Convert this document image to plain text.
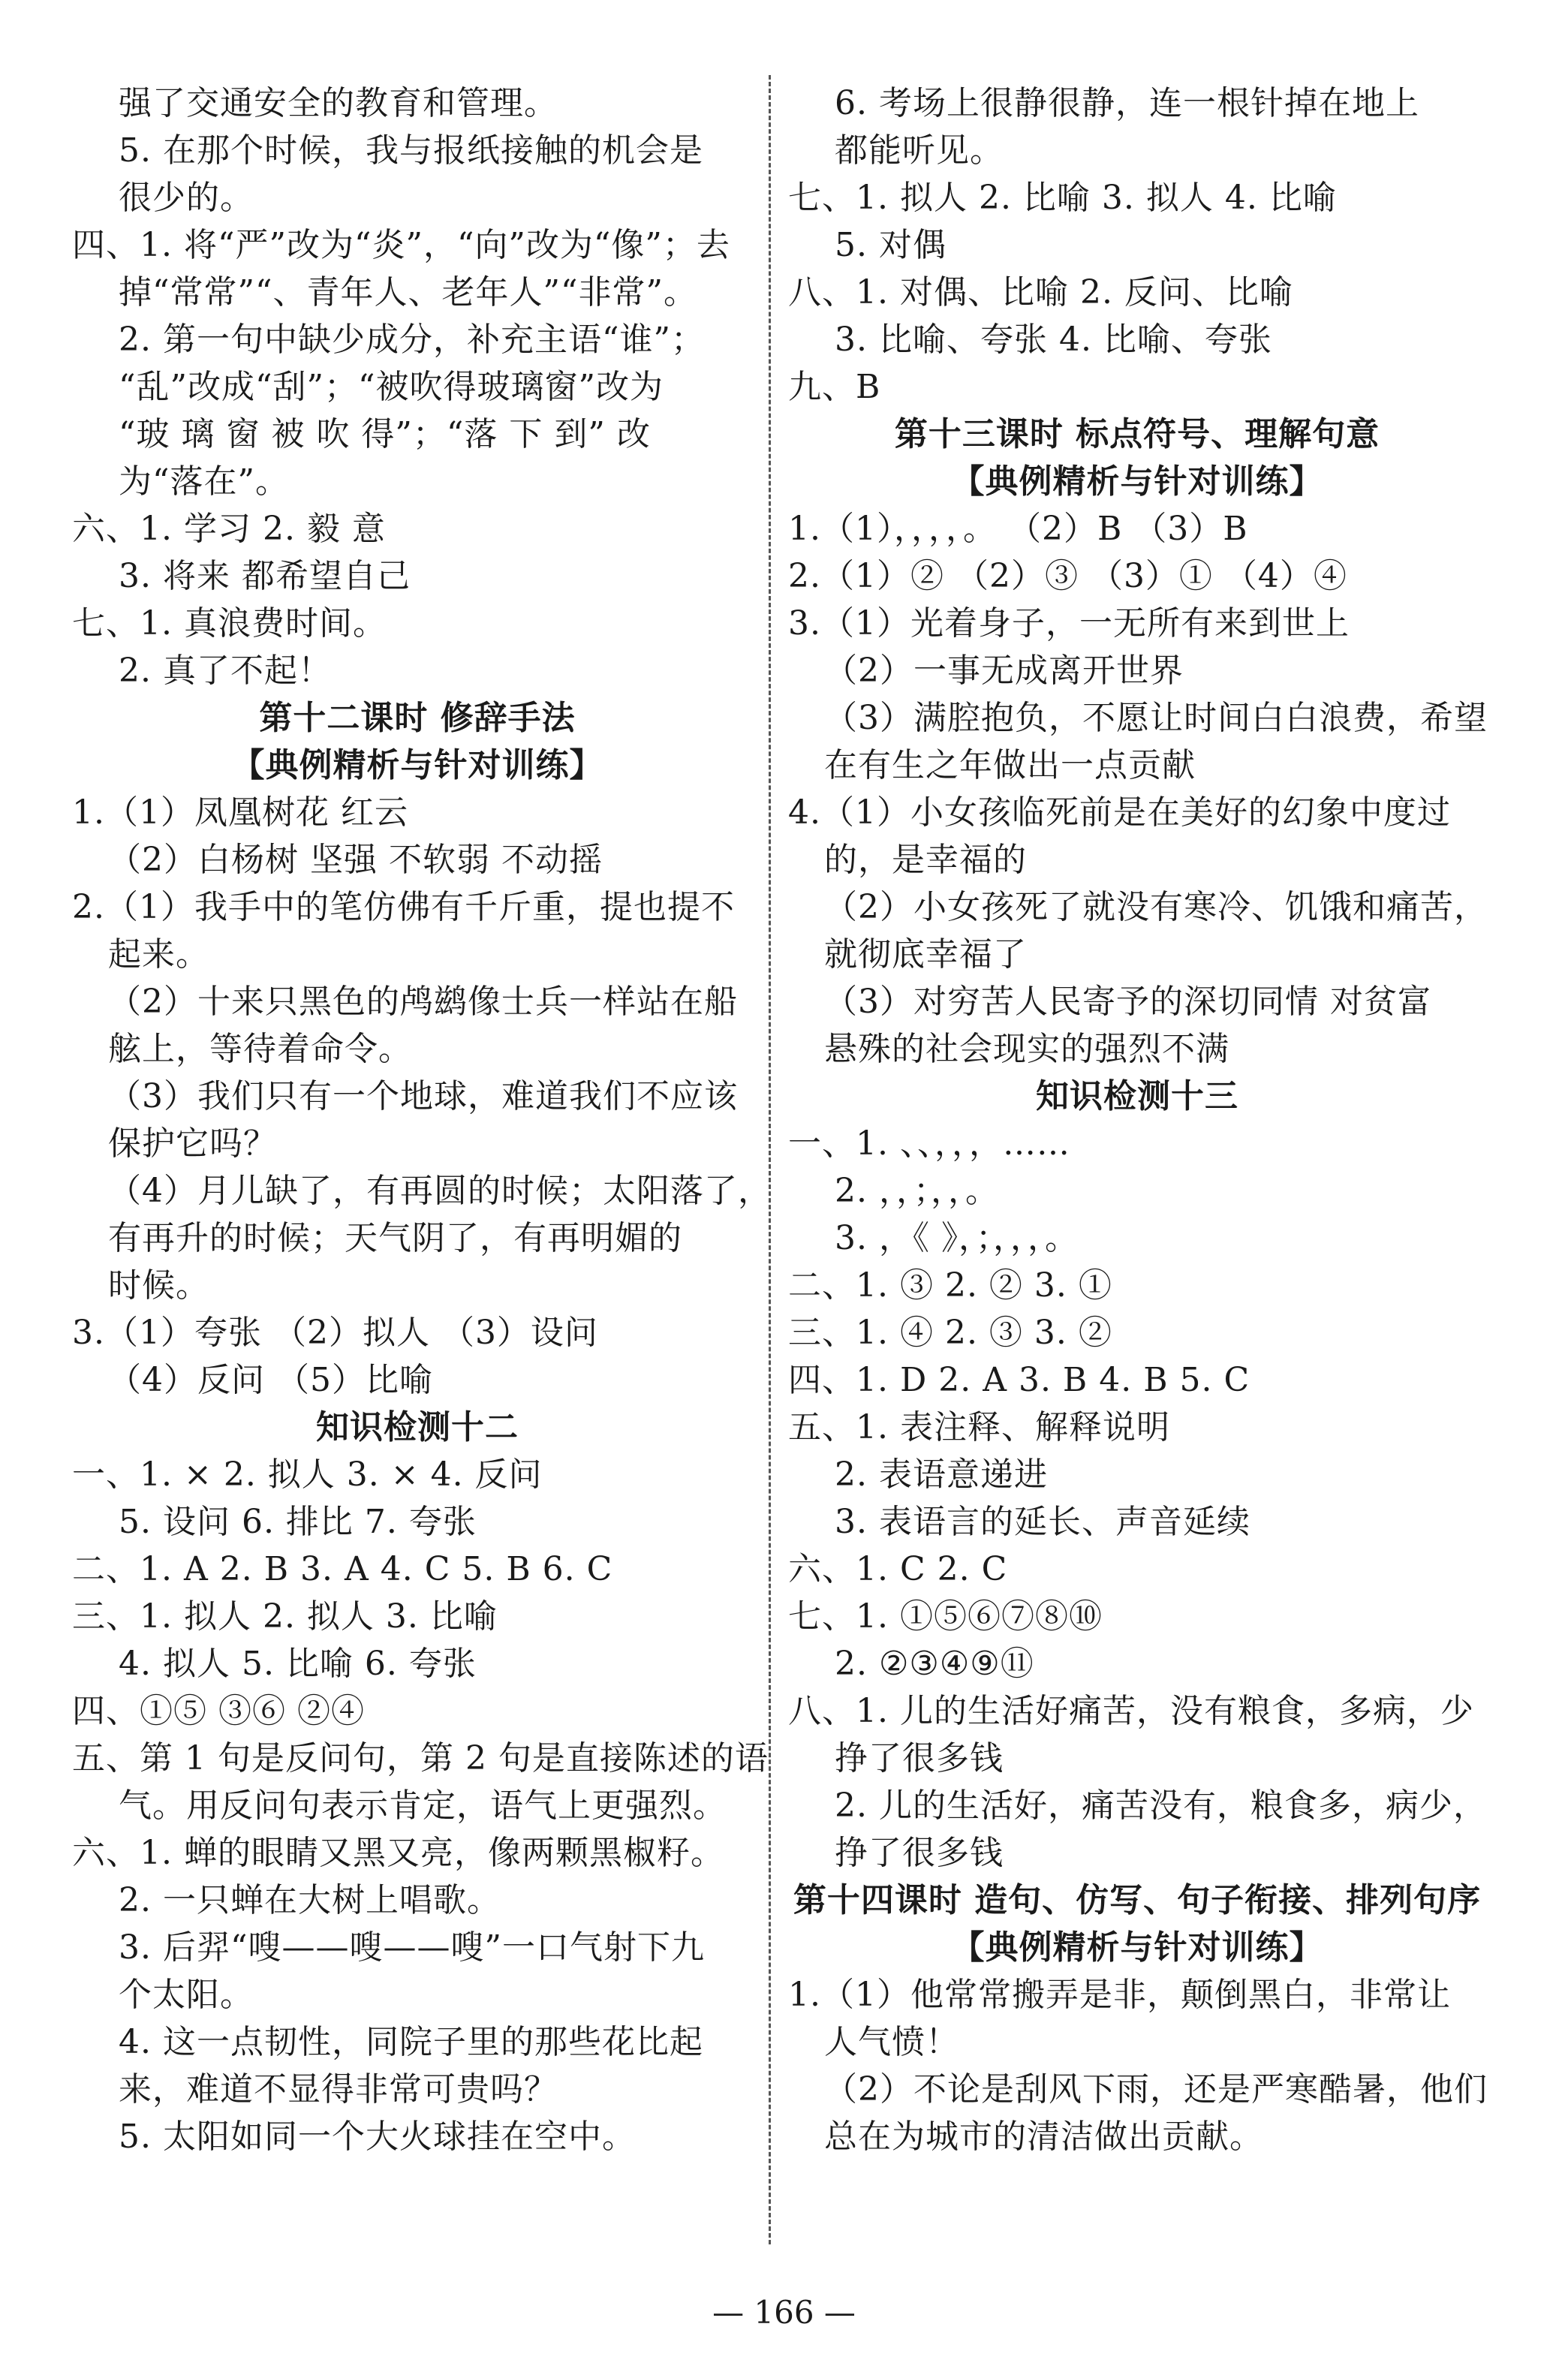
强了交通安全的教育和管理。
5. 在那个时候，我与报纸接触的机会是
很少的。
四、1. 将“严”改为“炎”，“向”改为“像”；去
掉“常常”“、青年人、老年人”“非常”。
2. 第一句中缺少成分，补充主语“谁”；
“乱”改成“刮”；“被吹得玻璃窗”改为
“玻 璃 窗 被 吹 得”；“落 下 到” 改
为“落在”。
六、1. 学习 2. 毅 意
3. 将来 都希望自己
七、1. 真浪费时间。
2. 真了不起！
第十二课时 修辞手法
【典例精析与针对训练】
1.（1）凤凰树花 红云
（2）白杨树 坚强 不软弱 不动摇
2.（1）我手中的笔仿佛有千斤重，提也提不
起来。
（2）十来只黑色的鸬鹚像士兵一样站在船
舷上，等待着命令。
（3）我们只有一个地球，难道我们不应该
保护它吗？
（4）月儿缺了，有再圆的时候；太阳落了，
有再升的时候；天气阴了，有再明媚的
时候。
3.（1）夸张 （2）拟人 （3）设问
（4）反问 （5）比喻
知识检测十二
一、1. × 2. 拟人 3. × 4. 反问
5. 设问 6. 排比 7. 夸张
二、1. A 2. B 3. A 4. C 5. B 6. C
三、1. 拟人 2. 拟人 3. 比喻
4. 拟人 5. 比喻 6. 夸张
四、①⑤ ③⑥ ②④
五、第 1 句是反问句，第 2 句是直接陈述的语
气。用反问句表示肯定，语气上更强烈。
六、1. 蝉的眼睛又黑又亮，像两颗黑椒籽。
2. 一只蝉在大树上唱歌。
3. 后羿“嗖——嗖——嗖”一口气射下九
个太阳。
4. 这一点韧性，同院子里的那些花比起
来，难道不显得非常可贵吗？
5. 太阳如同一个大火球挂在空中。
6. 考场上很静很静，连一根针掉在地上
都能听见。
七、1. 拟人 2. 比喻 3. 拟人 4. 比喻
5. 对偶
八、1. 对偶、比喻 2. 反问、比喻
3. 比喻、夸张 4. 比喻、夸张
九、B
第十三课时 标点符号、理解句意
【典例精析与针对训练】
1.（1），，，，。 （2）B （3）B
2.（1）② （2）③ （3）① （4）④
3.（1）光着身子，一无所有来到世上
（2）一事无成离开世界
（3）满腔抱负，不愿让时间白白浪费，希望
在有生之年做出一点贡献
4.（1）小女孩临死前是在美好的幻象中度过
的，是幸福的
（2）小女孩死了就没有寒冷、饥饿和痛苦，
就彻底幸福了
（3）对穷苦人民寄予的深切同情 对贫富
悬殊的社会现实的强烈不满
知识检测十三
一、1. 、、，，，……
2. ，，；，，。
3. ，《 》，；，，，。
二、1. ③ 2. ② 3. ①
三、1. ④ 2. ③ 3. ②
四、1. D 2. A 3. B 4. B 5. C
五、1. 表注释、解释说明
2. 表语意递进
3. 表语言的延长、声音延续
六、1. C 2. C
七、1. ①⑤⑥⑦⑧⑩
2. ②③④⑨⑪
八、1. 儿的生活好痛苦，没有粮食，多病，少
挣了很多钱
2. 儿的生活好，痛苦没有，粮食多，病少，
挣了很多钱
第十四课时 造句、仿写、句子衔接、排列句序
【典例精析与针对训练】
1.（1）他常常搬弄是非，颠倒黑白，非常让
人气愤！
（2）不论是刮风下雨，还是严寒酷暑，他们
总在为城市的清洁做出贡献。
— 166 —
